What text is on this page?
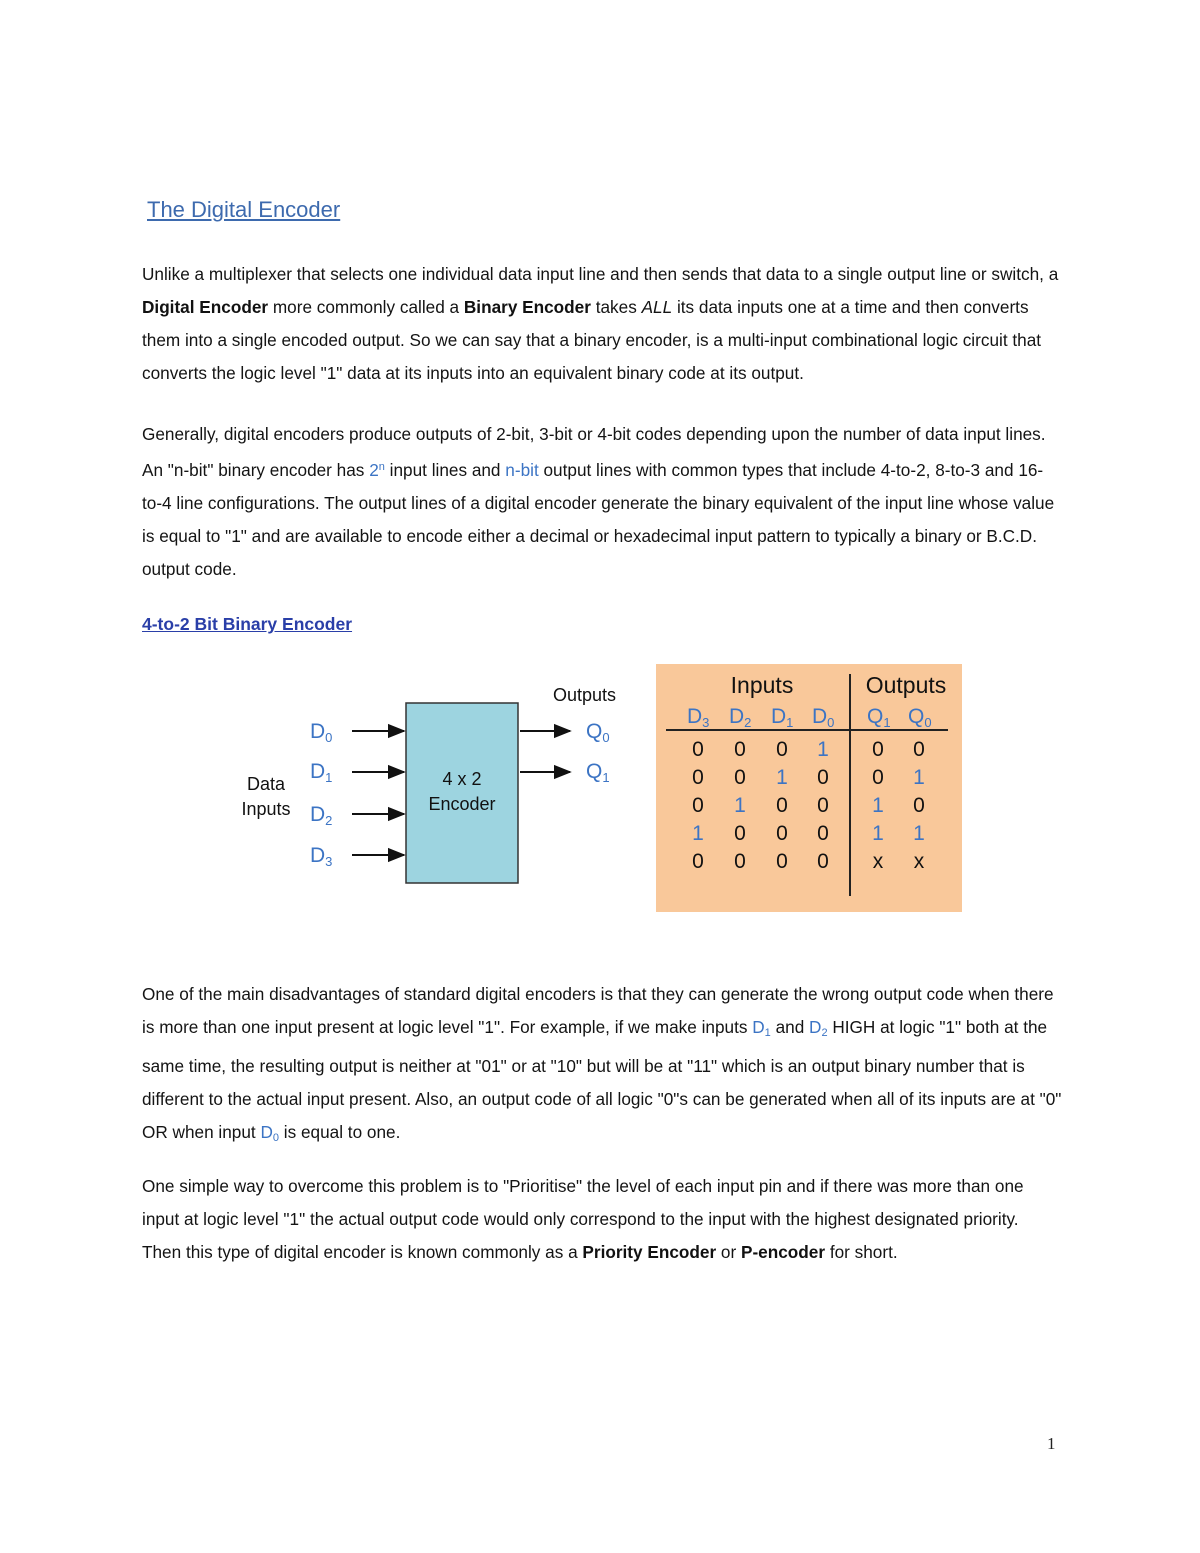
The Digital Encoder

Unlike a multiplexer that selects one individual data input line and then sends that data to a single output line or switch, a Digital Encoder more commonly called a Binary Encoder takes ALL its data inputs one at a time and then converts them into a single encoded output. So we can say that a binary encoder, is a multi-input combinational logic circuit that converts the logic level "1" data at its inputs into an equivalent binary code at its output.

Generally, digital encoders produce outputs of 2-bit, 3-bit or 4-bit codes depending upon the number of data input lines. An "n-bit" binary encoder has 2$^n$ input lines and n-bit output lines with common types that include 4-to-2, 8-to-3 and 16-to-4 line configurations. The output lines of a digital encoder generate the binary equivalent of the input line whose value is equal to "1" and are available to encode either a decimal or hexadecimal input pattern to typically a binary or B.C.D. output code.

4-to-2 Bit Binary Encoder
4 x 2
Encoder
D0
D1
D2
D3
Q0
Q1
Outputs
Data
Inputs
Inputs	Outputs
D3 D2 D1 D0 Q1 Q0
0 0 0 1 0 0
0 0 1 0 0 1
0 1 0 0 1 0
1 0 0 0 1 1
0 0 0 0 x x

One of the main disadvantages of standard digital encoders is that they can generate the wrong output code when there is more than one input present at logic level "1". For example, if we make inputs $D_1$ and $D_2$ HIGH at logic "1" both at the same time, the resulting output is neither at "01" or at "10" but will be at "11" which is an output binary number that is different to the actual input present. Also, an output code of all logic "0"s can be generated when all of its inputs are at "0" OR when input $D_0$ is equal to one.

One simple way to overcome this problem is to "Prioritise" the level of each input pin and if there was more than one input at logic level "1" the actual output code would only correspond to the input with the highest designated priority. Then this type of digital encoder is known commonly as a Priority Encoder or P-encoder for short.

1
